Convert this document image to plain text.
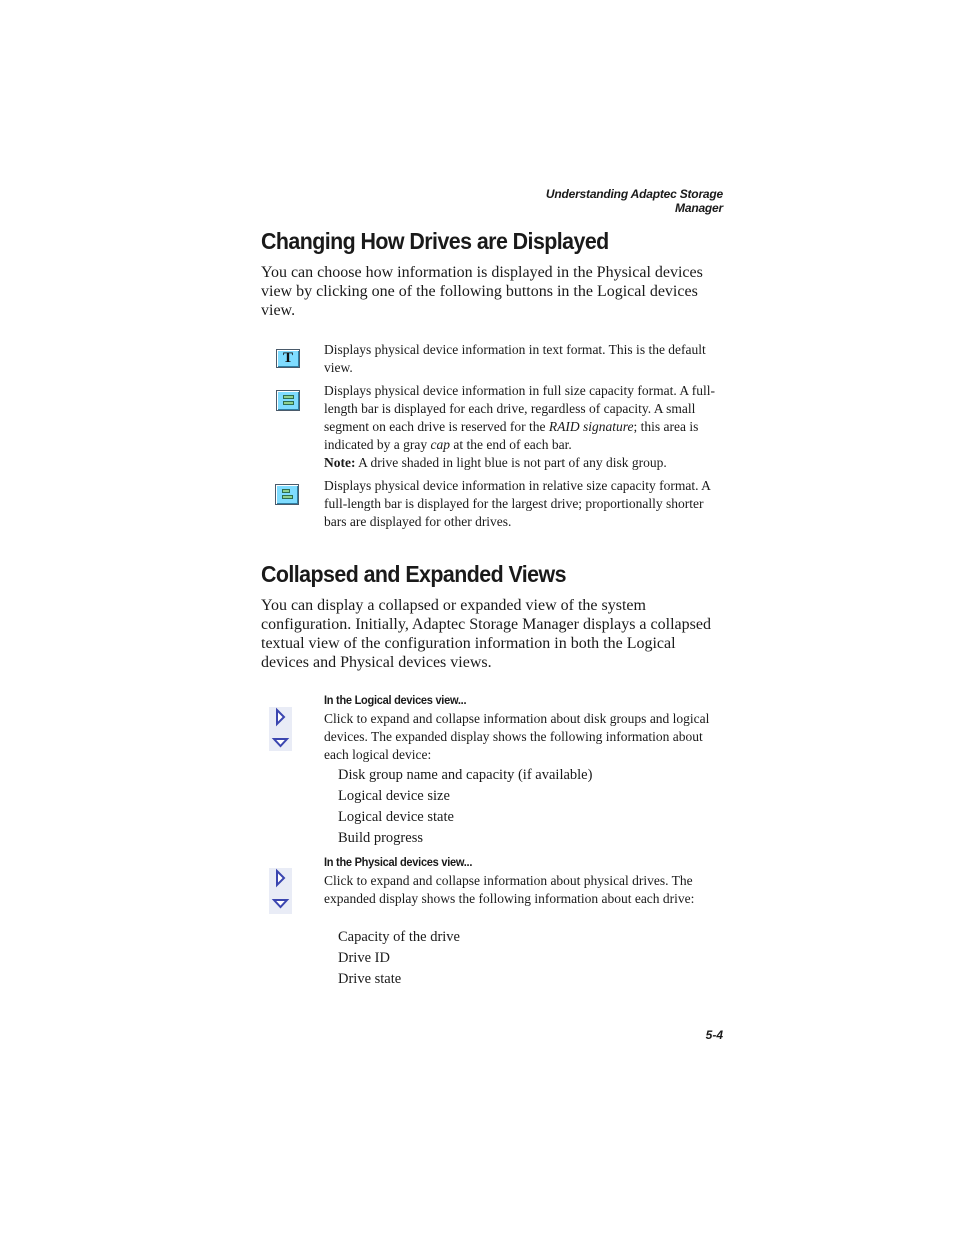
Understanding Adaptec Storage Manager
Changing How Drives are Displayed

You can choose how information is displayed in the Physical devices view by clicking one of the following buttons in the Logical devices view.

T

Displays physical device information in text format. This is the default view.

Displays physical device information in full size capacity format. A full-length bar is displayed for each drive, regardless of capacity. A small segment on each drive is reserved for the RAID signature; this area is indicated by a gray cap at the end of each bar.
Note: A drive shaded in light blue is not part of any disk group.

Displays physical device information in relative size capacity format. A full-length bar is displayed for the largest drive; proportionally shorter bars are displayed for other drives.

Collapsed and Expanded Views

You can display a collapsed or expanded view of the system configuration. Initially, Adaptec Storage Manager displays a collapsed textual view of the configuration information in both the Logical devices and Physical devices views.

In the Logical devices view...

Click to expand and collapse information about disk groups and logical devices. The expanded display shows the following information about each logical device:

Disk group name and capacity (if available)
Logical device size
Logical device state
Build progress
In the Physical devices view...

Click to expand and collapse information about physical drives. The expanded display shows the following information about each drive:

Capacity of the drive
Drive ID
Drive state
5-4
